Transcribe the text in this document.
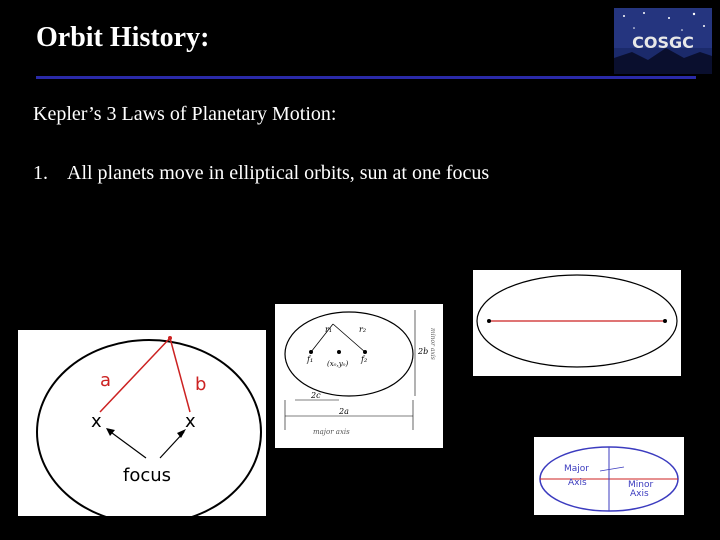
Orbit History:	COSGC
Kepler’s 3 Laws of Planetary Motion:
1. All planets move in elliptical orbits, sun at one focus
a	b
x	x
focus
r₁	r₂
f₁	f₂
(x₀,y₀)
2b
2c
2a
major axis
minor axis
Major
Axis	Minor
Axis
